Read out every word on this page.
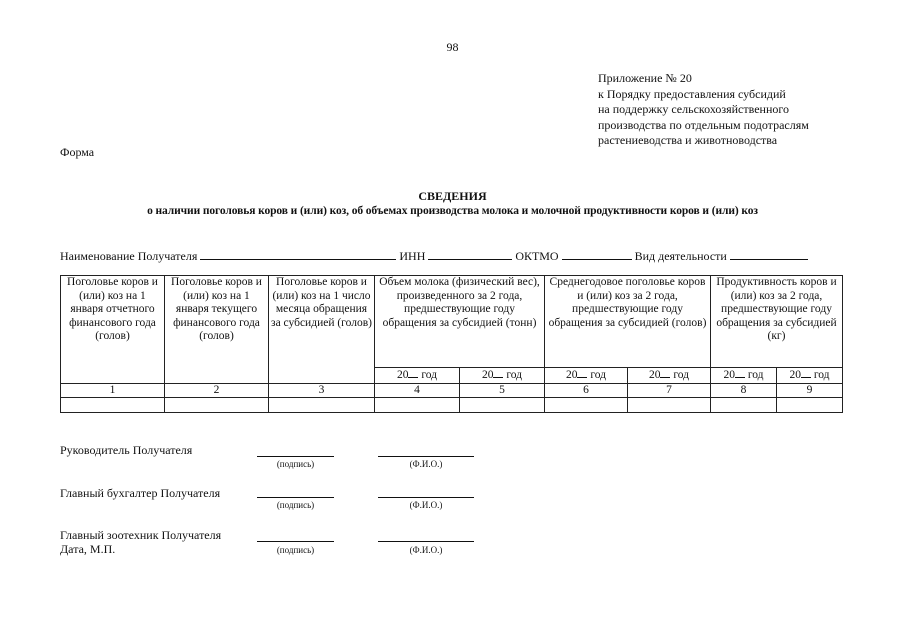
98
Приложение № 20
к Порядку предоставления субсидий
на поддержку сельскохозяйственного
производства по отдельным подотраслям
растениеводства и животноводства
Форма
СВЕДЕНИЯ
о наличии поголовья коров и (или) коз, об объемах производства молока и молочной продуктивности коров и (или) коз
Наименование Получателя	ИНН	ОКТМО	Вид деятельности
Поголовье коров и (или) коз на 1 января отчетного финансового года (голов)	Поголовье коров и (или) коз на 1 января текущего финансового года (голов)	Поголовье коров и (или) коз на 1 число месяца обращения за субсидией (голов)	Объем молока (физический вес), произведенного за 2 года, предшествующие году обращения за субсидией (тонн)		Среднегодовое поголовье коров и (или) коз за 2 года, предшествующие году обращения за субсидией (голов)		Продуктивность коров и (или) коз за 2 года, предшествующие году обращения за субсидией (кг)	
			20 год	20 год	20 год	20 год	20 год	20 год
1	2	3	4	5	6	7	8	9

Руководитель Получателя
(подпись)	(Ф.И.О.)
Главный бухгалтер Получателя
(подпись)	(Ф.И.О.)
Главный зоотехник Получателя
Дата, М.П.	(подпись)	(Ф.И.О.)
